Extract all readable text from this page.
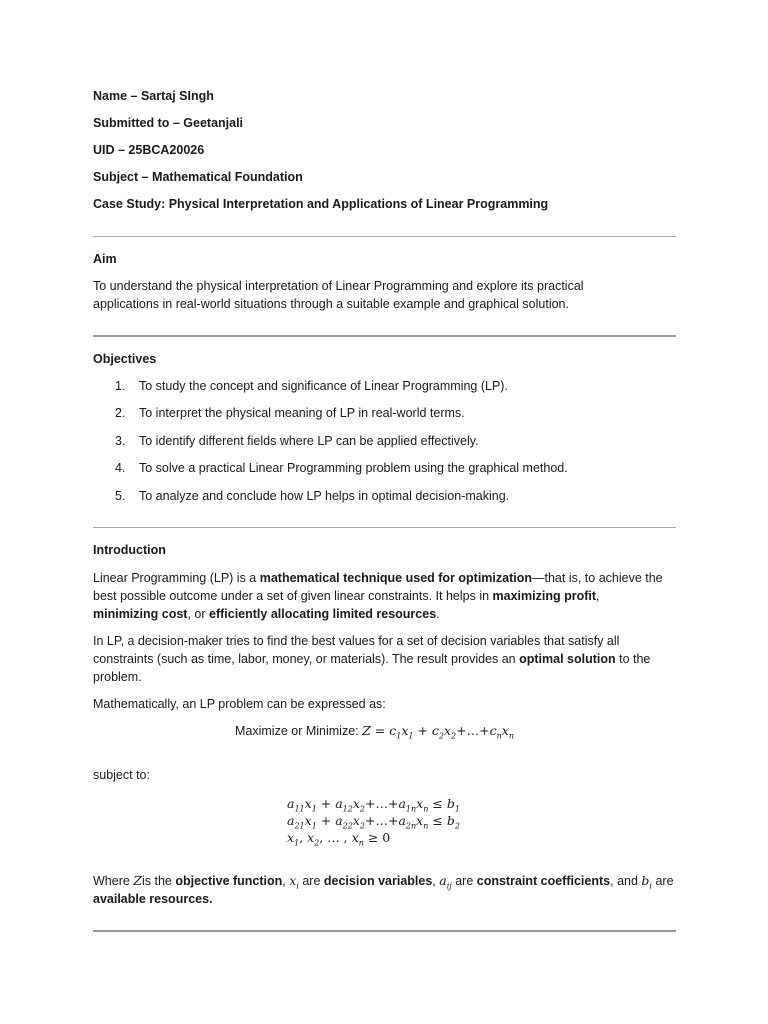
Name – Sartaj SIngh
Submitted to – Geetanjali
UID – 25BCA20026
Subject – Mathematical Foundation
Case Study: Physical Interpretation and Applications of Linear Programming
Aim
To understand the physical interpretation of Linear Programming and explore its practical
applications in real-world situations through a suitable example and graphical solution.
Objectives
1. To study the concept and significance of Linear Programming (LP).
2. To interpret the physical meaning of LP in real-world terms.
3. To identify different fields where LP can be applied effectively.
4. To solve a practical Linear Programming problem using the graphical method.
5. To analyze and conclude how LP helps in optimal decision-making.
Introduction
Linear Programming (LP) is a mathematical technique used for optimization—that is, to achieve the
best possible outcome under a set of given linear constraints. It helps in maximizing profit,
minimizing cost, or efficiently allocating limited resources.
In LP, a decision-maker tries to find the best values for a set of decision variables that satisfy all
constraints (such as time, labor, money, or materials). The result provides an optimal solution to the
problem.
Mathematically, an LP problem can be expressed as:
Maximize or Minimize: $Z = c_1x_1$ + $c_2x_2+\dots+c_nx_n$
subject to:
$a_{11}x_1$ + $a_{12}x_2+\dots+a_{1n}x_n \le b_1$
$a_{21}x_1$ + $a_{22}x_2+\dots+a_{2n}x_n \le b_2$
$x_1$, $x_2$, … , $x_n \ge 0$
Where Zis the objective function, $x_i$ are decision variables, $a_{ij}$ are constraint coefficients, and $b_i$ are
available resources.
